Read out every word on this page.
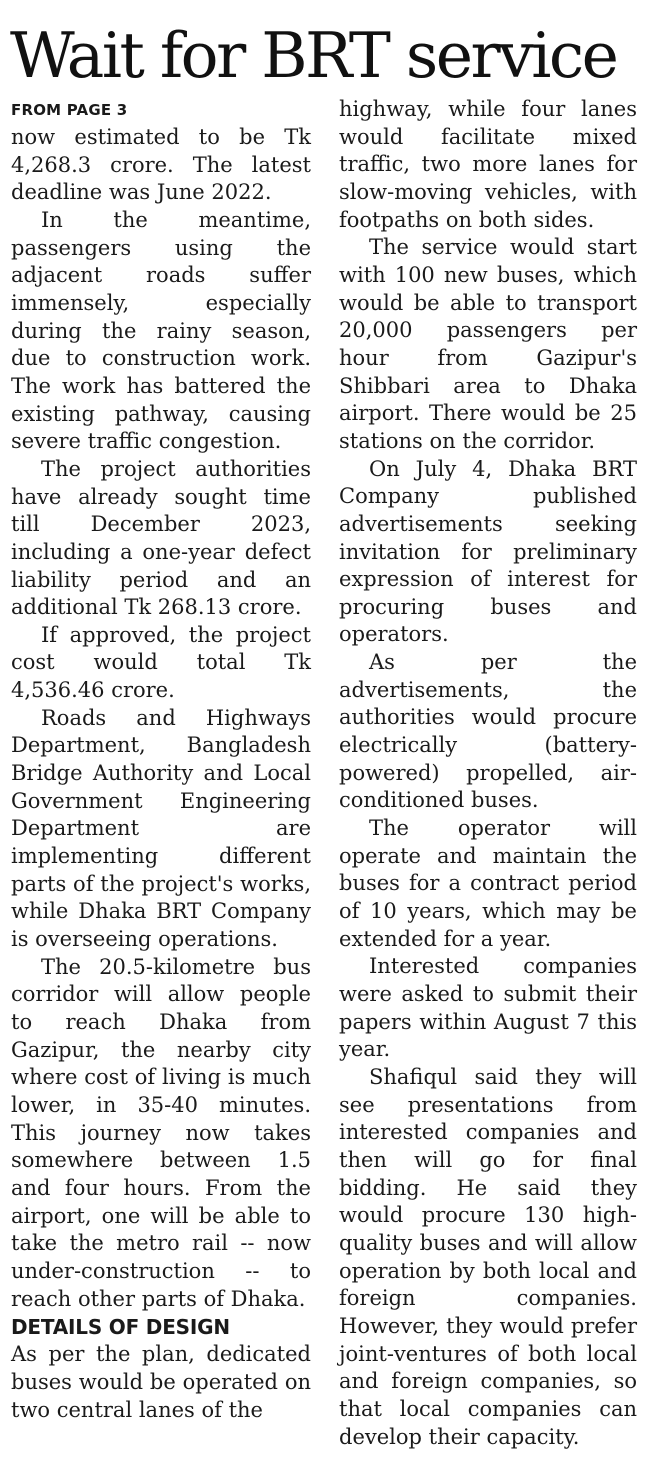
Wait for BRT service
FROM PAGE 3

now estimated to be Tk 4,268.3 crore. The latest deadline was June 2022.

In the meantime, passengers using the adjacent roads suffer immensely, especially during the rainy season, due to construction work. The work has battered the existing pathway, causing severe traffic congestion.

The project authorities have already sought time till December 2023, including a one-year defect liability period and an additional Tk 268.13 crore.

If approved, the project cost would total Tk 4,536.46 crore.

Roads and Highways Department, Bangladesh Bridge Authority and Local Government Engineering Department are implementing different parts of the project's works, while Dhaka BRT Company is overseeing operations.

The 20.5-kilometre bus corridor will allow people to reach Dhaka from Gazipur, the nearby city where cost of living is much lower, in 35-40 minutes. This journey now takes somewhere between 1.5 and four hours. From the airport, one will be able to take the metro rail -- now under-construction -- to reach other parts of Dhaka.

DETAILS OF DESIGN

As per the plan, dedicated buses would be operated on two central lanes of the

highway, while four lanes would facilitate mixed traffic, two more lanes for slow-moving vehicles, with footpaths on both sides.

The service would start with 100 new buses, which would be able to transport 20,000 passengers per hour from Gazipur's Shibbari area to Dhaka airport. There would be 25 stations on the corridor.

On July 4, Dhaka BRT Company published advertisements seeking invitation for preliminary expression of interest for procuring buses and operators.

As per the advertisements, the authorities would procure electrically (battery-powered) propelled, air-conditioned buses.

The operator will operate and maintain the buses for a contract period of 10 years, which may be extended for a year.

Interested companies were asked to submit their papers within August 7 this year.

Shafiqul said they will see presentations from interested companies and then will go for final bidding. He said they would procure 130 high-quality buses and will allow operation by both local and foreign companies. However, they would prefer joint-ventures of both local and foreign companies, so that local companies can develop their capacity.
